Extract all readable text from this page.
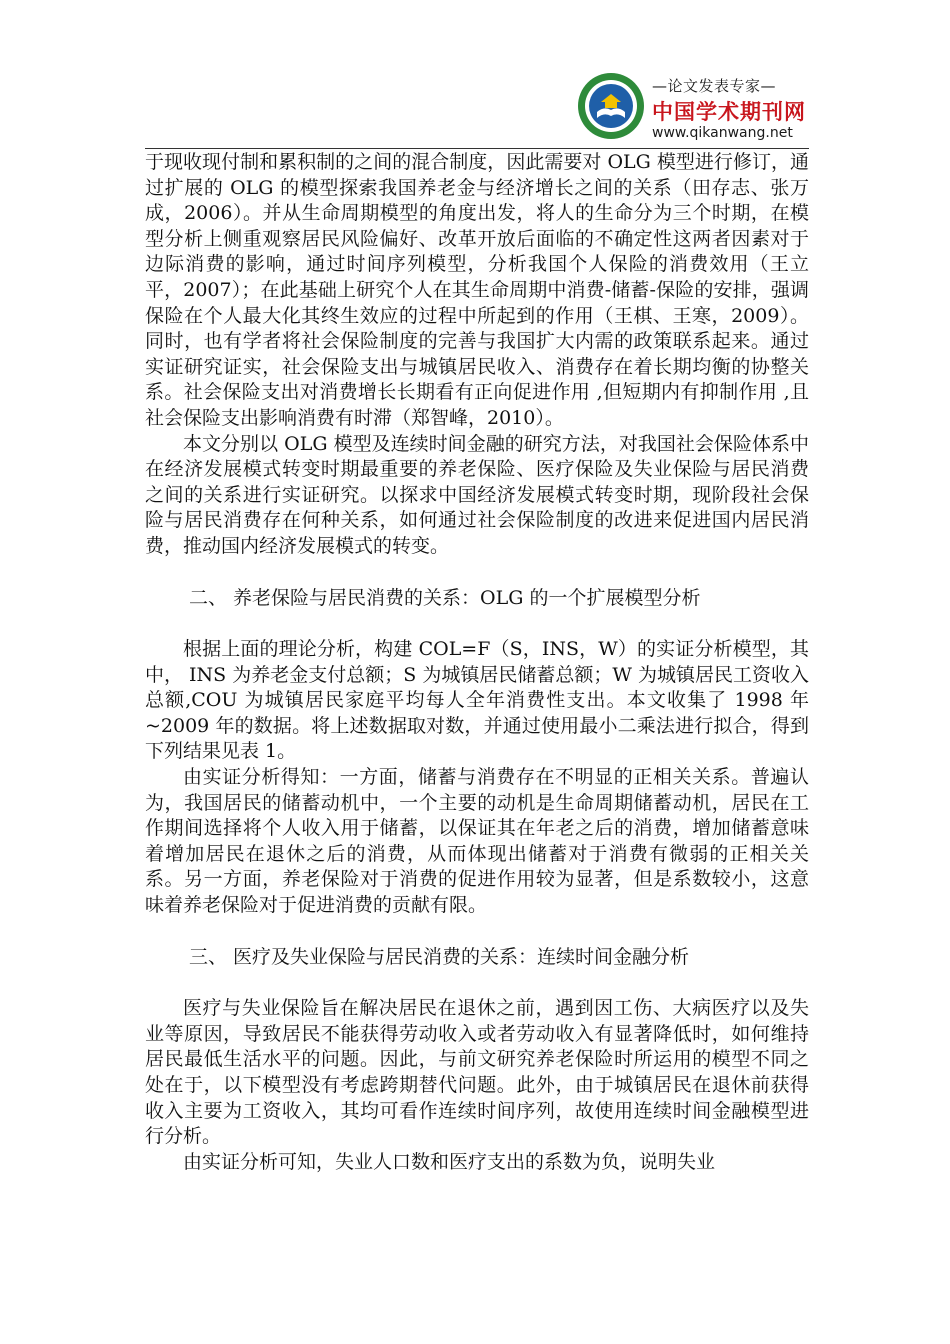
—论文发表专家—
中国学术期刊网
www.qikanwang.net

于现收现付制和累积制的之间的混合制度，因此需要对 OLG 模型进行修订，通过扩展的 OLG 的模型探索我国养老金与经济增长之间的关系（田存志、张万成，2006）。并从生命周期模型的角度出发，将人的生命分为三个时期，在模型分析上侧重观察居民风险偏好、改革开放后面临的不确定性这两者因素对于边际消费的影响，通过时间序列模型，分析我国个人保险的消费效用（王立平，2007）；在此基础上研究个人在其生命周期中消费-储蓄-保险的安排，强调保险在个人最大化其终生效应的过程中所起到的作用（王棋、王寒，2009）。同时，也有学者将社会保险制度的完善与我国扩大内需的政策联系起来。通过实证研究证实，社会保险支出与城镇居民收入、消费存在着长期均衡的协整关系。社会保险支出对消费增长长期看有正向促进作用 ,但短期内有抑制作用 ,且社会保险支出影响消费有时滞（郑智峰，2010）。

本文分别以 OLG 模型及连续时间金融的研究方法，对我国社会保险体系中在经济发展模式转变时期最重要的养老保险、医疗保险及失业保险与居民消费之间的关系进行实证研究。以探求中国经济发展模式转变时期，现阶段社会保险与居民消费存在何种关系，如何通过社会保险制度的改进来促进国内居民消费，推动国内经济发展模式的转变。

二、 养老保险与居民消费的关系：OLG 的一个扩展模型分析

根据上面的理论分析，构建 COL=F（S，INS，W）的实证分析模型，其中， INS 为养老金支付总额；S 为城镇居民储蓄总额；W 为城镇居民工资收入总额,COU 为城镇居民家庭平均每人全年消费性支出。本文收集了 1998 年~2009 年的数据。将上述数据取对数，并通过使用最小二乘法进行拟合，得到下列结果见表 1。

由实证分析得知：一方面，储蓄与消费存在不明显的正相关关系。普遍认为，我国居民的储蓄动机中，一个主要的动机是生命周期储蓄动机，居民在工作期间选择将个人收入用于储蓄，以保证其在年老之后的消费，增加储蓄意味着增加居民在退休之后的消费，从而体现出储蓄对于消费有微弱的正相关关系。另一方面，养老保险对于消费的促进作用较为显著，但是系数较小，这意味着养老保险对于促进消费的贡献有限。

三、 医疗及失业保险与居民消费的关系：连续时间金融分析

医疗与失业保险旨在解决居民在退休之前，遇到因工伤、大病医疗以及失业等原因，导致居民不能获得劳动收入或者劳动收入有显著降低时，如何维持居民最低生活水平的问题。因此，与前文研究养老保险时所运用的模型不同之处在于，以下模型没有考虑跨期替代问题。此外，由于城镇居民在退休前获得收入主要为工资收入，其均可看作连续时间序列，故使用连续时间金融模型进行分析。

由实证分析可知，失业人口数和医疗支出的系数为负，说明失业
